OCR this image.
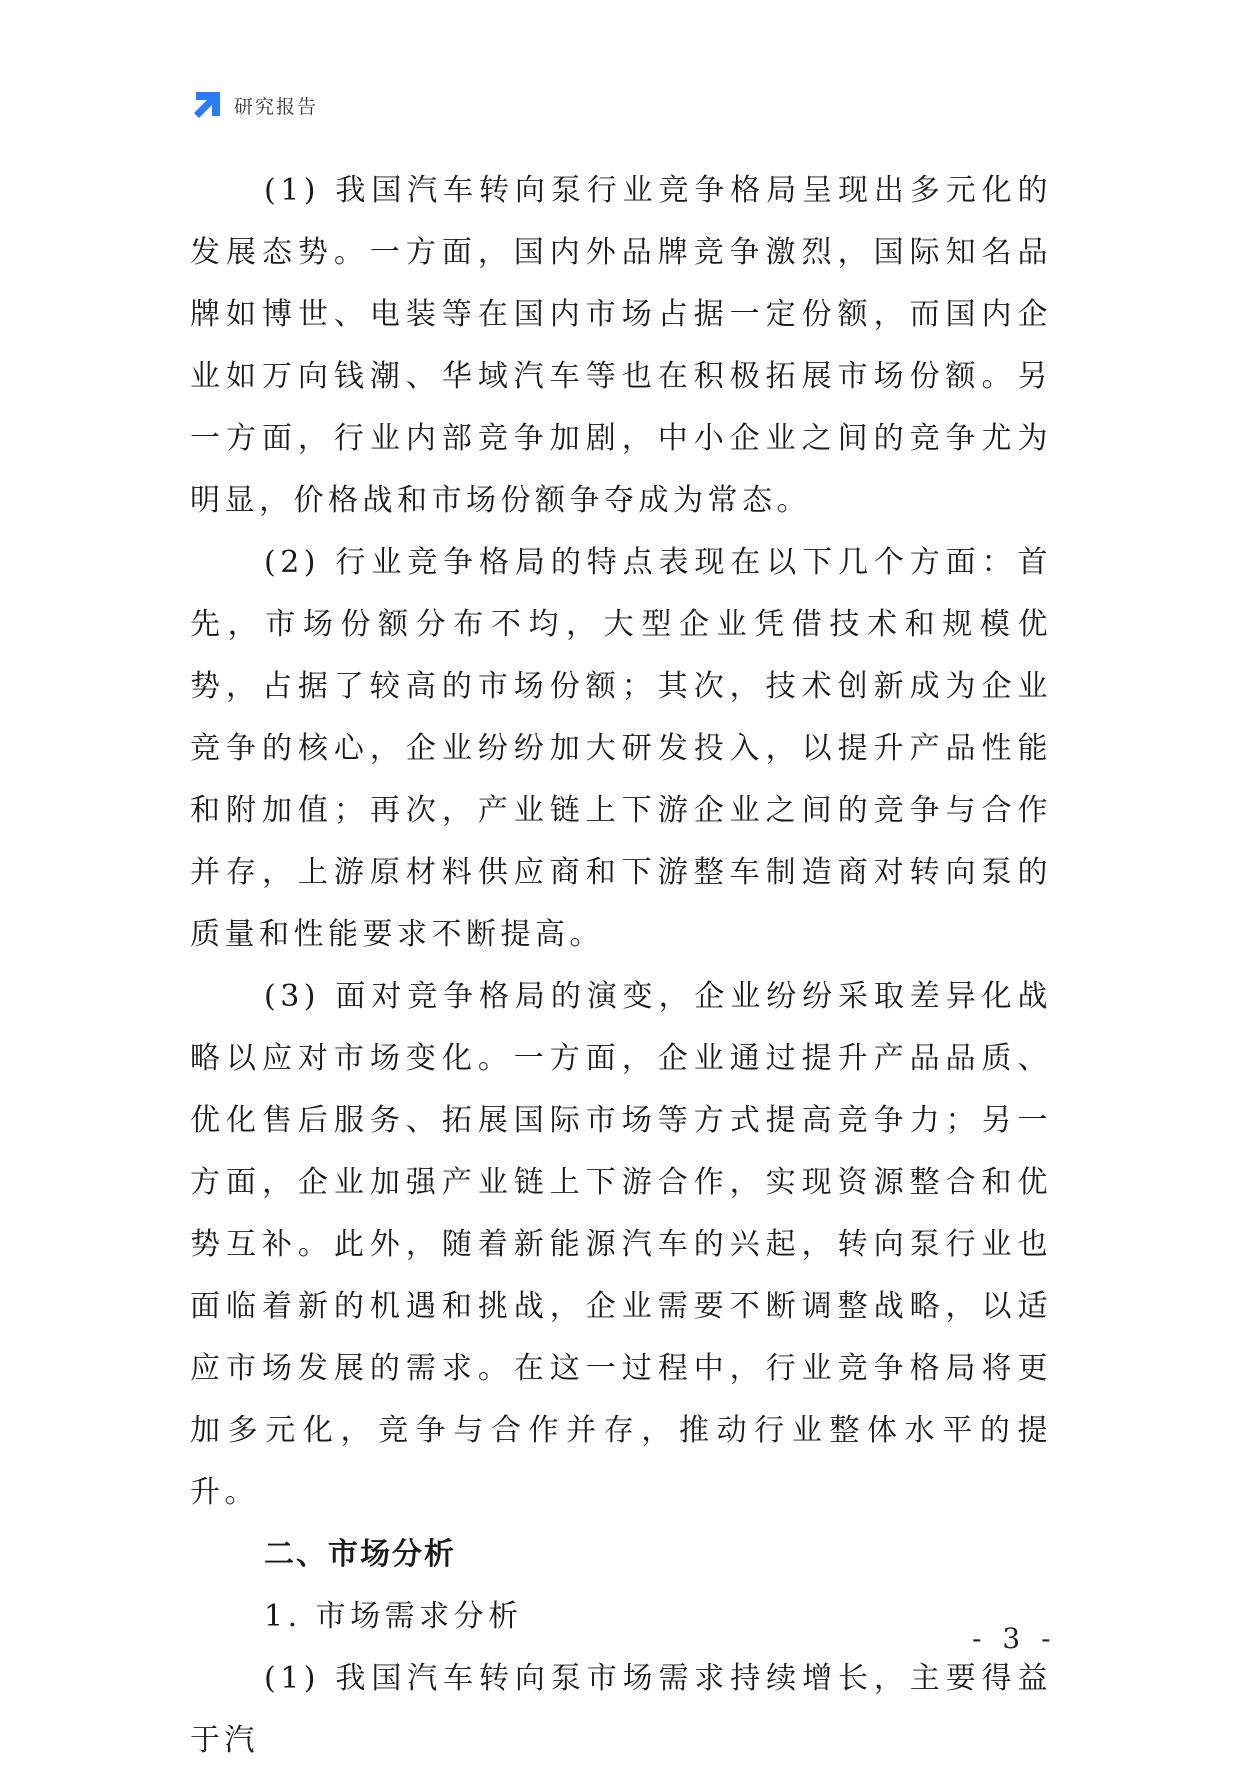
研究报告

(1) 我国汽车转向泵行业竞争格局呈现出多元化的发展态势。一方面，国内外品牌竞争激烈，国际知名品牌如博世、电装等在国内市场占据一定份额，而国内企业如万向钱潮、华域汽车等也在积极拓展市场份额。另一方面，行业内部竞争加剧，中小企业之间的竞争尤为明显，价格战和市场份额争夺成为常态。

(2) 行业竞争格局的特点表现在以下几个方面：首先，市场份额分布不均，大型企业凭借技术和规模优势，占据了较高的市场份额；其次，技术创新成为企业竞争的核心，企业纷纷加大研发投入，以提升产品性能和附加值；再次，产业链上下游企业之间的竞争与合作并存，上游原材料供应商和下游整车制造商对转向泵的质量和性能要求不断提高。

(3) 面对竞争格局的演变，企业纷纷采取差异化战略以应对市场变化。一方面，企业通过提升产品品质、优化售后服务、拓展国际市场等方式提高竞争力；另一方面，企业加强产业链上下游合作，实现资源整合和优势互补。此外，随着新能源汽车的兴起，转向泵行业也面临着新的机遇和挑战，企业需要不断调整战略，以适应市场发展的需求。在这一过程中，行业竞争格局将更加多元化，竞争与合作并存，推动行业整体水平的提升。

二、市场分析

1. 市场需求分析

(1) 我国汽车转向泵市场需求持续增长，主要得益于汽

- 3 -
